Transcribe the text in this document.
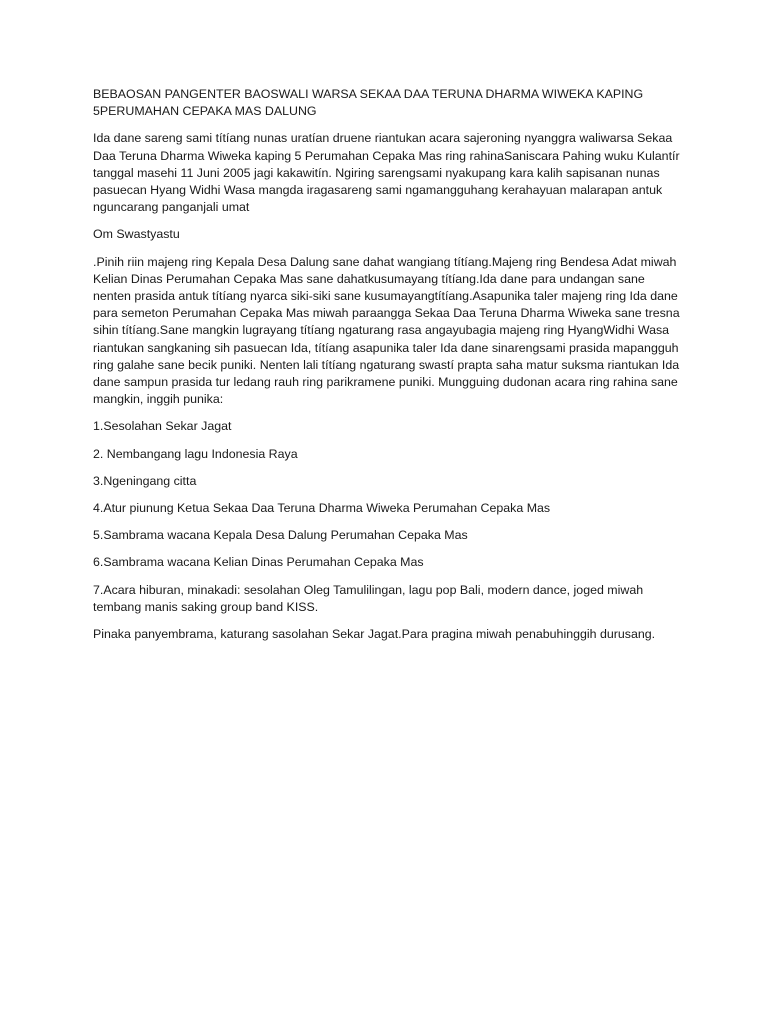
BEBAOSAN PANGENTER BAOSWALI WARSA SEKAA DAA TERUNA DHARMA WIWEKA KAPING 5PERUMAHAN CEPAKA MAS DALUNG

Ida dane sareng sami títíang nunas uratían druene riantukan acara sajeroning nyanggra waliwarsa Sekaa Daa Teruna Dharma Wiweka kaping 5 Perumahan Cepaka Mas ring rahinaSaniscara Pahing wuku Kulantír tanggal masehi 11 Juni 2005 jagi kakawitín. Ngiring sarengsami nyakupang kara kalih sapisanan nunas pasuecan Hyang Widhi Wasa mangda iragasareng sami ngamangguhang kerahayuan malarapan antuk nguncarang panganjali umat

Om Swastyastu

.Pinih riin majeng ring Kepala Desa Dalung sane dahat wangiang títíang.Majeng ring Bendesa Adat miwah Kelian Dinas Perumahan Cepaka Mas sane dahatkusumayang títíang.Ida dane para undangan sane nenten prasida antuk títíang nyarca siki-siki sane kusumayangtítíang.Asapunika taler majeng ring Ida dane para semeton Perumahan Cepaka Mas miwah paraangga Sekaa Daa Teruna Dharma Wiweka sane tresna sihin títíang.Sane mangkin lugrayang títíang ngaturang rasa angayubagia majeng ring HyangWidhi Wasa riantukan sangkaning sih pasuecan Ida, títíang asapunika taler Ida dane sinarengsami prasida mapangguh ring galahe sane becik puniki. Nenten lali títíang ngaturang swastí prapta saha matur suksma riantukan Ida dane sampun prasida tur ledang rauh ring parikramene puniki. Mungguing dudonan acara ring rahina sane mangkin, inggih punika:

1.Sesolahan Sekar Jagat

2. Nembangang lagu Indonesia Raya

3.Ngeningang citta

4.Atur piunung Ketua Sekaa Daa Teruna Dharma Wiweka Perumahan Cepaka Mas

5.Sambrama wacana Kepala Desa Dalung Perumahan Cepaka Mas

6.Sambrama wacana Kelian Dinas Perumahan Cepaka Mas

7.Acara hiburan, minakadi: sesolahan Oleg Tamulilingan, lagu pop Bali, modern dance, joged miwah tembang manis saking group band KISS.

Pinaka panyembrama, katurang sasolahan Sekar Jagat.Para pragina miwah penabuhinggih durusang.
